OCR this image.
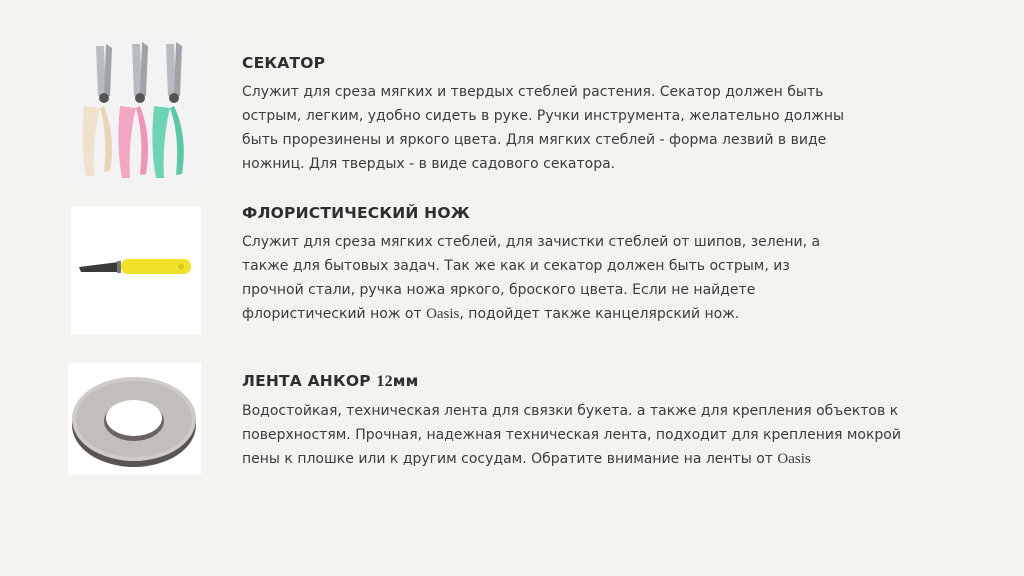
СЕКАТОР

Служит для среза мягких и твердых стеблей растения. Секатор должен быть
острым, легким, удобно сидеть в руке. Ручки инструмента, желательно должны
быть прорезинены и яркого цвета. Для мягких стеблей - форма лезвий в виде
ножниц. Для твердых - в виде садового секатора.

ФЛОРИСТИЧЕСКИЙ НОЖ

Служит для среза мягких стеблей, для зачистки стеблей от шипов, зелени, а
также для бытовых задач. Так же как и секатор должен быть острым, из
прочной стали, ручка ножа яркого, броского цвета. Если не найдете
флористический нож от Oasis, подойдет также канцелярский нож.

ЛЕНТА АНКОР 12мм

Водостойкая, техническая лента для связки букета. а также для крепления объектов к
поверхностям. Прочная, надежная техническая лента, подходит для крепления мокрой
пены к плошке или к другим сосудам. Обратите внимание на ленты от Oasis
